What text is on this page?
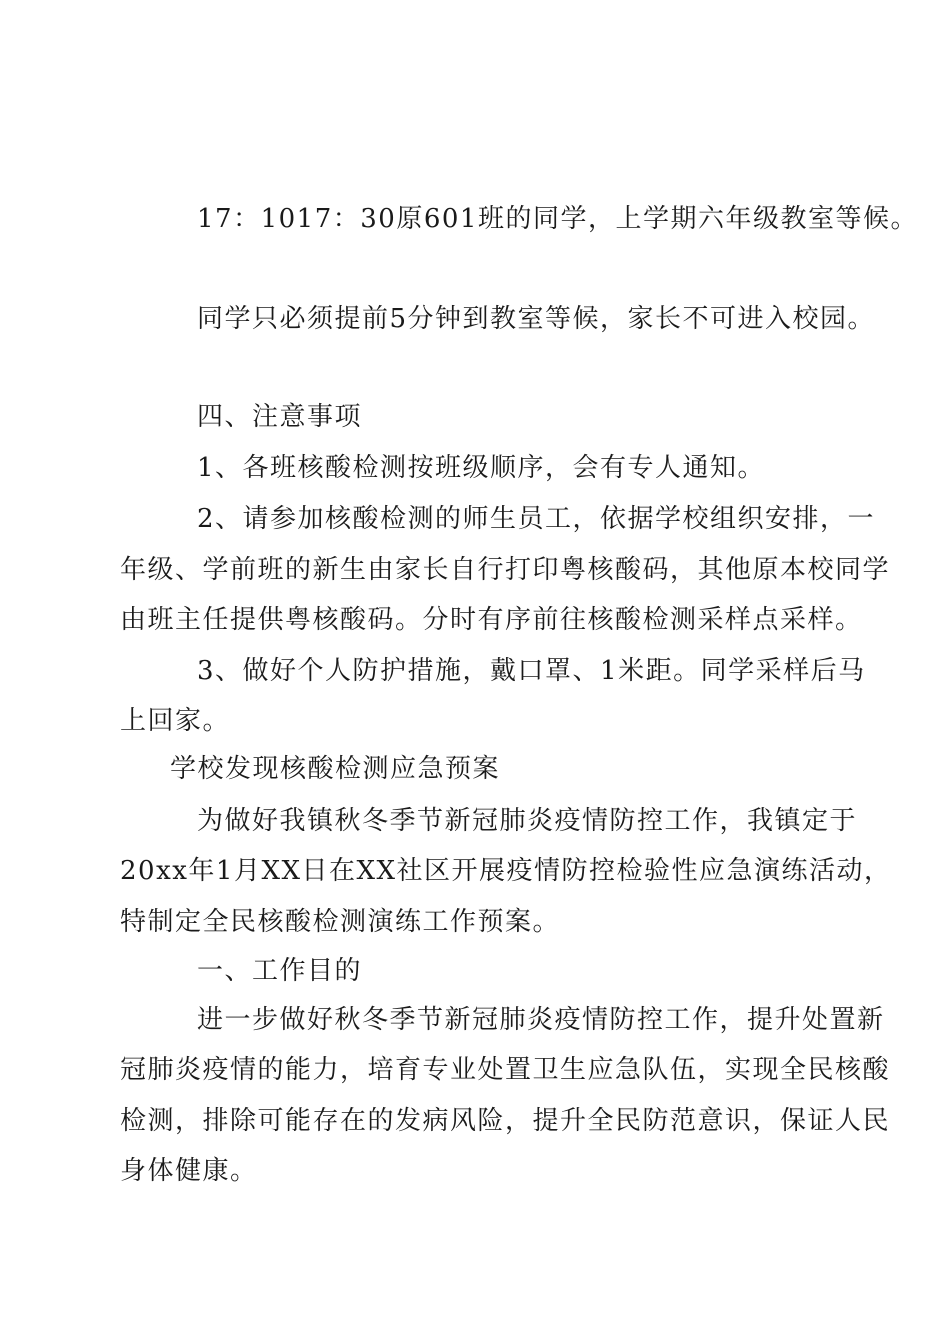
17：1017：30原601班的同学，上学期六年级教室等候。
同学只必须提前5分钟到教室等候，家长不可进入校园。
四、注意事项
1、各班核酸检测按班级顺序，会有专人通知。
2、请参加核酸检测的师生员工，依据学校组织安排，一
年级、学前班的新生由家长自行打印粤核酸码，其他原本校同学
由班主任提供粤核酸码。分时有序前往核酸检测采样点采样。
3、做好个人防护措施，戴口罩、1米距。同学采样后马
上回家。
学校发现核酸检测应急预案
为做好我镇秋冬季节新冠肺炎疫情防控工作，我镇定于
20xx年1月XX日在XX社区开展疫情防控检验性应急演练活动，
特制定全民核酸检测演练工作预案。
一、工作目的
进一步做好秋冬季节新冠肺炎疫情防控工作，提升处置新
冠肺炎疫情的能力，培育专业处置卫生应急队伍，实现全民核酸
检测，排除可能存在的发病风险，提升全民防范意识，保证人民
身体健康。
